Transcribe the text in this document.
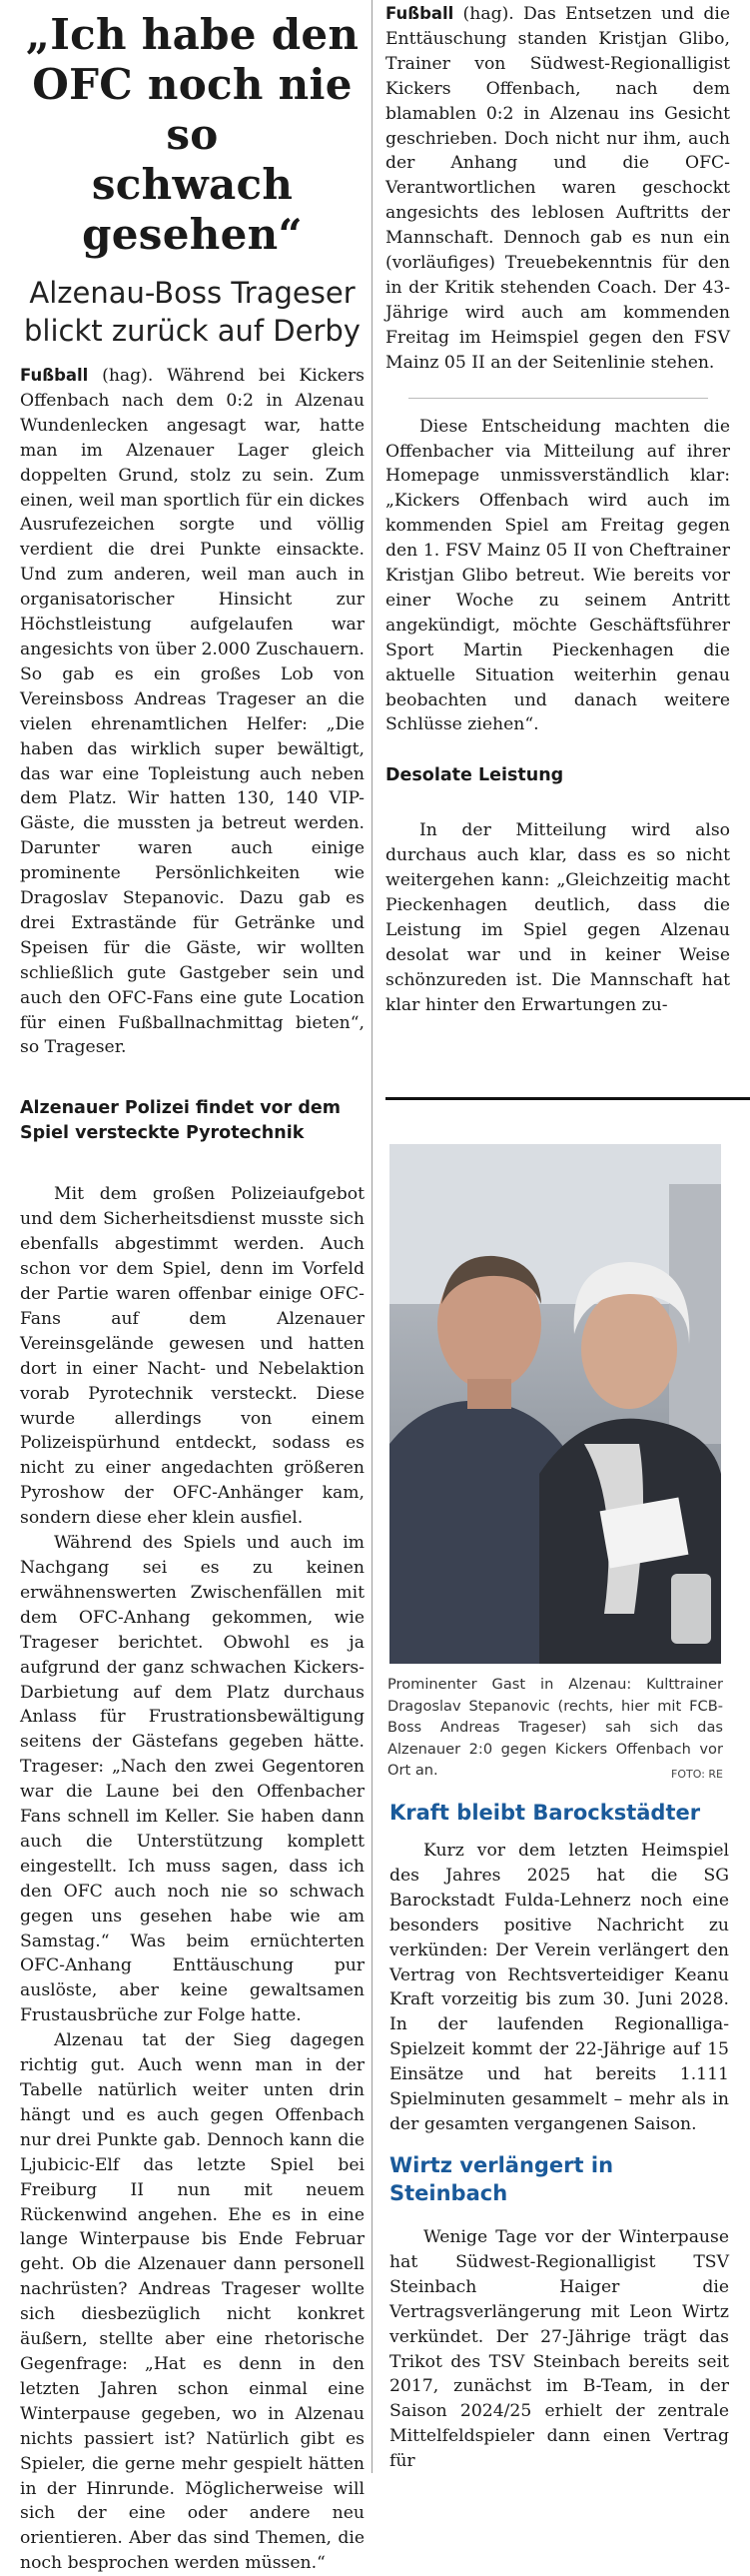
„Ich habe den
OFC noch nie so
schwach gesehen“
Alzenau-Boss Trageser
blickt zurück auf Derby

Fußball (hag). Während bei Kickers Offenbach nach dem 0:2 in Alzenau Wundenlecken angesagt war, hatte man im Alzenauer Lager gleich doppelten Grund, stolz zu sein. Zum einen, weil man sportlich für ein dickes Ausrufezeichen sorgte und völlig verdient die drei Punkte einsackte. Und zum anderen, weil man auch in organisatorischer Hinsicht zur Höchstleistung aufgelaufen war angesichts von über 2.000 Zuschauern. So gab es ein großes Lob von Vereinsboss Andreas Trageser an die vielen ehrenamtlichen Helfer: „Die haben das wirklich super bewältigt, das war eine Topleistung auch neben dem Platz. Wir hatten 130, 140 VIP-Gäste, die mussten ja betreut werden. Darunter waren auch einige prominente Persönlichkeiten wie Dragoslav Stepanovic. Dazu gab es drei Extrastände für Getränke und Speisen für die Gäste, wir wollten schließlich gute Gastgeber sein und auch den OFC-Fans eine gute Location für einen Fußballnachmittag bieten“, so Trageser.

Alzenauer Polizei findet vor dem
Spiel versteckte Pyrotechnik

Mit dem großen Polizeiaufgebot und dem Sicherheitsdienst musste sich ebenfalls abgestimmt werden. Auch schon vor dem Spiel, denn im Vorfeld der Partie waren offenbar einige OFC-Fans auf dem Alzenauer Vereinsgelände gewesen und hatten dort in einer Nacht- und Nebelaktion vorab Pyrotechnik versteckt. Diese wurde allerdings von einem Polizeispürhund entdeckt, sodass es nicht zu einer angedachten größeren Pyroshow der OFC-Anhänger kam, sondern diese eher klein ausfiel.

Während des Spiels und auch im Nachgang sei es zu keinen erwähnenswerten Zwischenfällen mit dem OFC-Anhang gekommen, wie Trageser berichtet. Obwohl es ja aufgrund der ganz schwachen Kickers-Darbietung auf dem Platz durchaus Anlass für Frustrationsbewältigung seitens der Gästefans gegeben hätte. Trageser: „Nach den zwei Gegentoren war die Laune bei den Offenbacher Fans schnell im Keller. Sie haben dann auch die Unterstützung komplett eingestellt. Ich muss sagen, dass ich den OFC auch noch nie so schwach gegen uns gesehen habe wie am Samstag.“ Was beim ernüchterten OFC-Anhang Enttäuschung pur auslöste, aber keine gewaltsamen Frustausbrüche zur Folge hatte.

Alzenau tat der Sieg dagegen richtig gut. Auch wenn man in der Tabelle natürlich weiter unten drin hängt und es auch gegen Offenbach nur drei Punkte gab. Dennoch kann die Ljubicic-Elf das letzte Spiel bei Freiburg II nun mit neuem Rückenwind angehen. Ehe es in eine lange Winterpause bis Ende Februar geht. Ob die Alzenauer dann personell nachrüsten? Andreas Trageser wollte sich diesbezüglich nicht konkret äußern, stellte aber eine rhetorische Gegenfrage: „Hat es denn in den letzten Jahren schon einmal eine Winterpause gegeben, wo in Alzenau nichts passiert ist? Natürlich gibt es Spieler, die gerne mehr gespielt hätten in der Hinrunde. Möglicherweise will sich der eine oder andere neu orientieren. Aber das sind Themen, die noch besprochen werden müssen.“

Fußball (hag). Das Entsetzen und die Enttäuschung standen Kristjan Glibo, Trainer von Südwest-Regionalligist Kickers Offenbach, nach dem blamablen 0:2 in Alzenau ins Gesicht geschrieben. Doch nicht nur ihm, auch der Anhang und die OFC-Verantwortlichen waren geschockt angesichts des leblosen Auftritts der Mannschaft. Dennoch gab es nun ein (vorläufiges) Treuebekenntnis für den in der Kritik stehenden Coach. Der 43-Jährige wird auch am kommenden Freitag im Heimspiel gegen den FSV Mainz 05 II an der Seitenlinie stehen.

Diese Entscheidung machten die Offenbacher via Mitteilung auf ihrer Homepage unmissverständlich klar: „Kickers Offenbach wird auch im kommenden Spiel am Freitag gegen den 1. FSV Mainz 05 II von Cheftrainer Kristjan Glibo betreut. Wie bereits vor einer Woche zu seinem Antritt angekündigt, möchte Geschäftsführer Sport Martin Pieckenhagen die aktuelle Situation weiterhin genau beobachten und danach weitere Schlüsse ziehen“.

Desolate Leistung

In der Mitteilung wird also durchaus auch klar, dass es so nicht weitergehen kann: „Gleichzeitig macht Pieckenhagen deutlich, dass die Leistung im Spiel gegen Alzenau desolat war und in keiner Weise schönzureden ist. Die Mannschaft hat klar hinter den Erwartungen zu-

Prominenter Gast in Alzenau: Kulttrainer Dragoslav Stepanovic (rechts, hier mit FCB-Boss Andreas Trageser) sah sich das Alzenauer 2:0 gegen Kickers Offenbach vor Ort an.	FOTO: RE

Kraft bleibt Barockstädter

Kurz vor dem letzten Heimspiel des Jahres 2025 hat die SG Barockstadt Fulda-Lehnerz noch eine besonders positive Nachricht zu verkünden: Der Verein verlängert den Vertrag von Rechtsverteidiger Keanu Kraft vorzeitig bis zum 30. Juni 2028. In der laufenden Regionalliga-Spielzeit kommt der 22-Jährige auf 15 Einsätze und hat bereits 1.111 Spielminuten gesammelt – mehr als in der gesamten vergangenen Saison.

Wirtz verlängert in Steinbach

Wenige Tage vor der Winterpause hat Südwest-Regionalligist TSV Steinbach Haiger die Vertragsverlängerung mit Leon Wirtz verkündet. Der 27-Jährige trägt das Trikot des TSV Steinbach bereits seit 2017, zunächst im B-Team, in der Saison 2024/25 erhielt der zentrale Mittelfeldspieler dann einen Vertrag für
